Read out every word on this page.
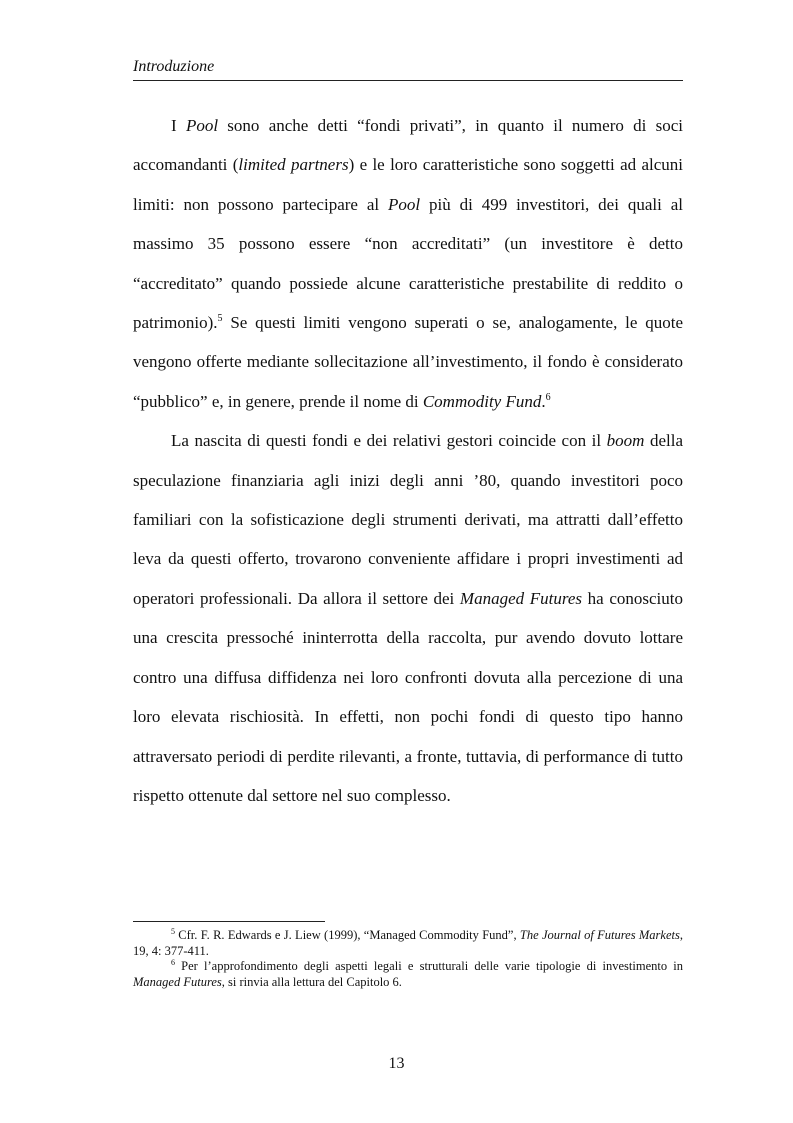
Introduzione

I Pool sono anche detti “fondi privati”, in quanto il numero di soci accomandanti (limited partners) e le loro caratteristiche sono soggetti ad alcuni limiti: non possono partecipare al Pool più di 499 investitori, dei quali al massimo 35 possono essere “non accreditati” (un investitore è detto “accreditato” quando possiede alcune caratteristiche prestabilite di reddito o patrimonio).$^5$ Se questi limiti vengono superati o se, analogamente, le quote vengono offerte mediante sollecitazione all’investimento, il fondo è considerato “pubblico” e, in genere, prende il nome di Commodity Fund.$^6$

La nascita di questi fondi e dei relativi gestori coincide con il boom della speculazione finanziaria agli inizi degli anni ’80, quando investitori poco familiari con la sofisticazione degli strumenti derivati, ma attratti dall’effetto leva da questi offerto, trovarono conveniente affidare i propri investimenti ad operatori professionali. Da allora il settore dei Managed Futures ha conosciuto una crescita pressoché ininterrotta della raccolta, pur avendo dovuto lottare contro una diffusa diffidenza nei loro confronti dovuta alla percezione di una loro elevata rischiosità. In effetti, non pochi fondi di questo tipo hanno attraversato periodi di perdite rilevanti, a fronte, tuttavia, di performance di tutto rispetto ottenute dal settore nel suo complesso.

$^5$ Cfr. F. R. Edwards e J. Liew (1999), “Managed Commodity Fund”, The Journal of Futures Markets, 19, 4: 377-411.

$^6$ Per l’approfondimento degli aspetti legali e strutturali delle varie tipologie di investimento in Managed Futures, si rinvia alla lettura del Capitolo 6.

13
